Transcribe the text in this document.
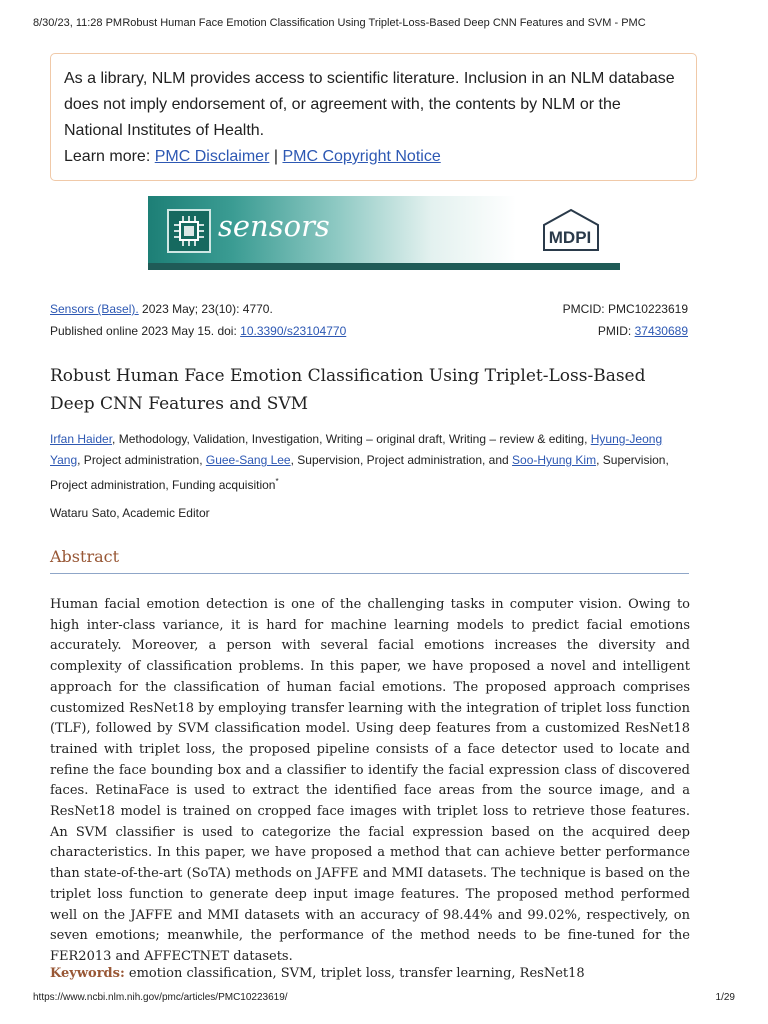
8/30/23, 11:28 PM Robust Human Face Emotion Classification Using Triplet-Loss-Based Deep CNN Features and SVM - PMC
As a library, NLM provides access to scientific literature. Inclusion in an NLM database does not imply endorsement of, or agreement with, the contents by NLM or the National Institutes of Health.
Learn more: PMC Disclaimer | PMC Copyright Notice
sensors	MDPI
Sensors (Basel). 2023 May; 23(10): 4770.	PMCID: PMC10223619
Published online 2023 May 15. doi: 10.3390/s23104770	PMID: 37430689
Robust Human Face Emotion Classification Using Triplet-Loss-Based Deep CNN Features and SVM
Irfan Haider, Methodology, Validation, Investigation, Writing – original draft, Writing – review & editing, Hyung-Jeong Yang, Project administration, Guee-Sang Lee, Supervision, Project administration, and Soo-Hyung Kim, Supervision, Project administration, Funding acquisition*
Wataru Sato, Academic Editor
Abstract
Human facial emotion detection is one of the challenging tasks in computer vision. Owing to high inter-class variance, it is hard for machine learning models to predict facial emotions accurately. Moreover, a person with several facial emotions increases the diversity and complexity of classification problems. In this paper, we have proposed a novel and intelligent approach for the classification of human facial emotions. The proposed approach comprises customized ResNet18 by employing transfer learning with the integration of triplet loss function (TLF), followed by SVM classification model. Using deep features from a customized ResNet18 trained with triplet loss, the proposed pipeline consists of a face detector used to locate and refine the face bounding box and a classifier to identify the facial expression class of discovered faces. RetinaFace is used to extract the identified face areas from the source image, and a ResNet18 model is trained on cropped face images with triplet loss to retrieve those features. An SVM classifier is used to categorize the facial expression based on the acquired deep characteristics. In this paper, we have proposed a method that can achieve better performance than state-of-the-art (SoTA) methods on JAFFE and MMI datasets. The technique is based on the triplet loss function to generate deep input image features. The proposed method performed well on the JAFFE and MMI datasets with an accuracy of 98.44% and 99.02%, respectively, on seven emotions; meanwhile, the performance of the method needs to be fine-tuned for the FER2013 and AFFECTNET datasets.
Keywords: emotion classification, SVM, triplet loss, transfer learning, ResNet18
https://www.ncbi.nlm.nih.gov/pmc/articles/PMC10223619/	1/29
